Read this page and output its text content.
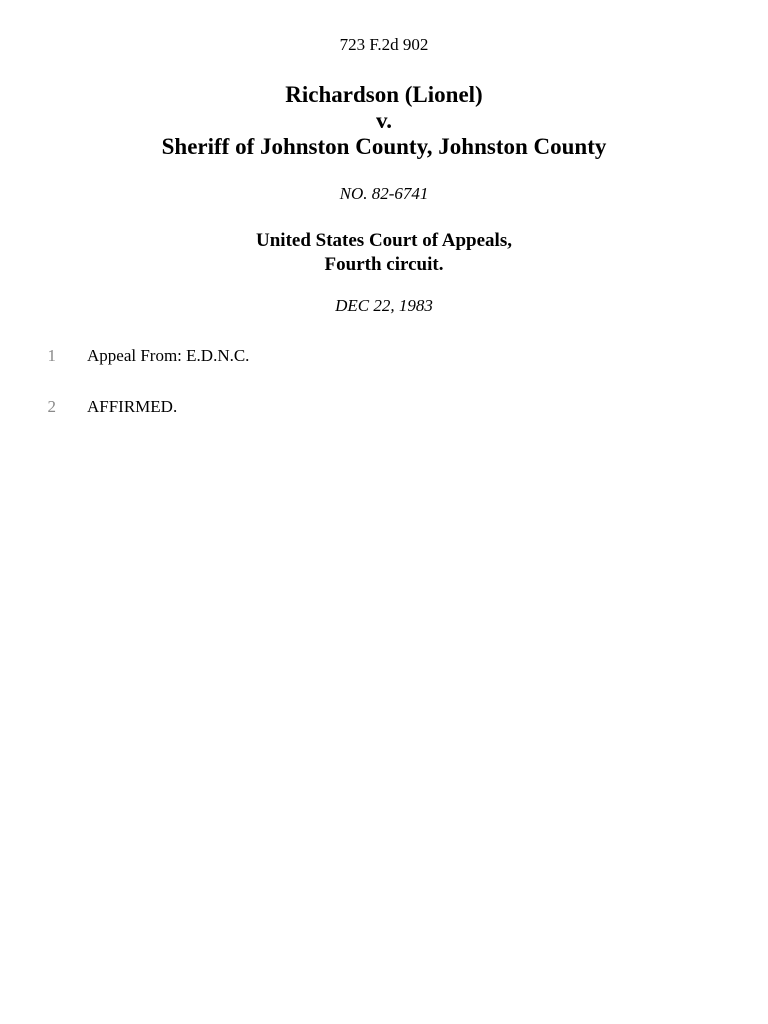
723 F.2d 902
Richardson (Lionel)
v.
Sheriff of Johnston County, Johnston County
NO. 82-6741
United States Court of Appeals,
Fourth circuit.
DEC 22, 1983
1 Appeal From: E.D.N.C.
2 AFFIRMED.
